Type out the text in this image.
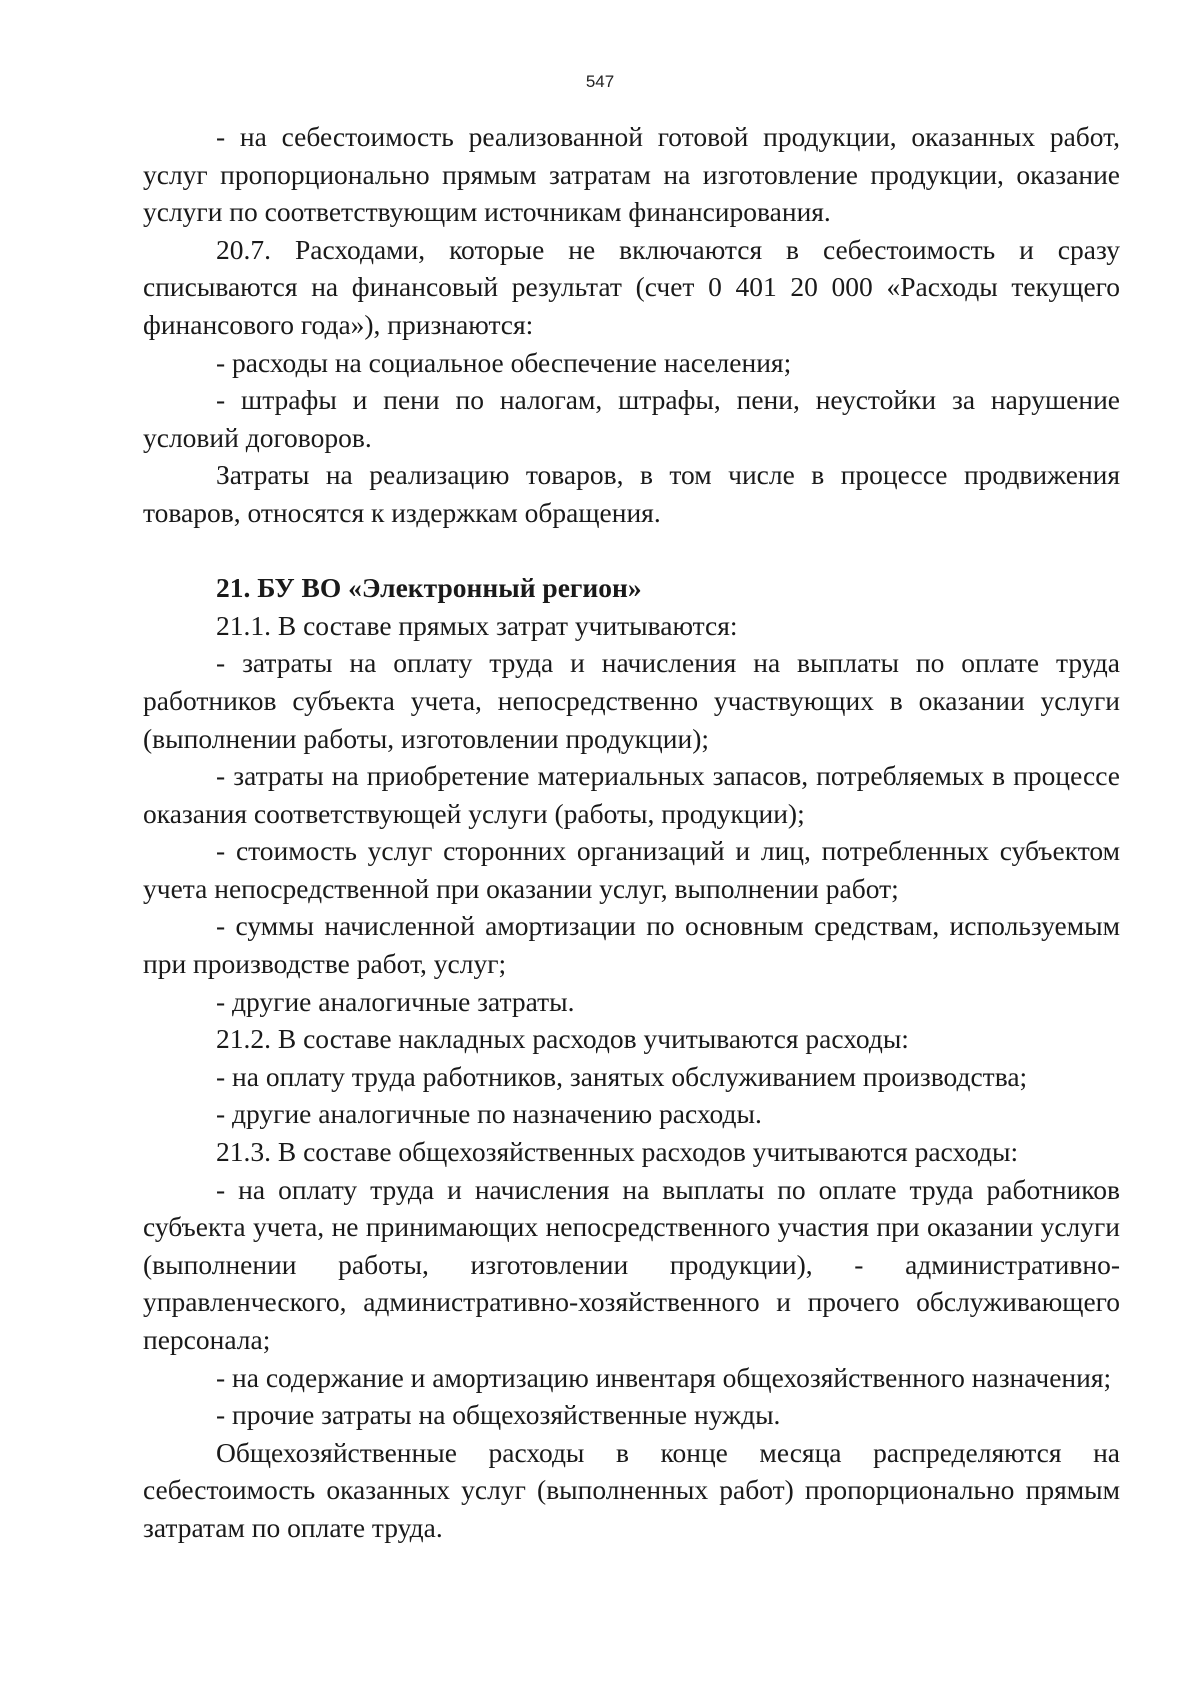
547

- на себестоимость реализованной готовой продукции, оказанных работ, услуг пропорционально прямым затратам на изготовление продукции, оказание услуги по соответствующим источникам финансирования.

20.7. Расходами, которые не включаются в себестоимость и сразу списываются на финансовый результат (счет 0 401 20 000 «Расходы текущего финансового года»), признаются:

- расходы на социальное обеспечение населения;

- штрафы и пени по налогам, штрафы, пени, неустойки за нарушение условий договоров.

Затраты на реализацию товаров, в том числе в процессе продвижения товаров, относятся к издержкам обращения.

21. БУ ВО «Электронный регион»

21.1. В составе прямых затрат учитываются:

- затраты на оплату труда и начисления на выплаты по оплате труда работников субъекта учета, непосредственно участвующих в оказании услуги (выполнении работы, изготовлении продукции);

- затраты на приобретение материальных запасов, потребляемых в процессе оказания соответствующей услуги (работы, продукции);

- стоимость услуг сторонних организаций и лиц, потребленных субъектом учета непосредственной при оказании услуг, выполнении работ;

- суммы начисленной амортизации по основным средствам, используемым при производстве работ, услуг;

- другие аналогичные затраты.

21.2. В составе накладных расходов учитываются расходы:

- на оплату труда работников, занятых обслуживанием производства;

- другие аналогичные по назначению расходы.

21.3. В составе общехозяйственных расходов учитываются расходы:

- на оплату труда и начисления на выплаты по оплате труда работников субъекта учета, не принимающих непосредственного участия при оказании услуги (выполнении работы, изготовлении продукции), - административно-управленческого, административно-хозяйственного и прочего обслуживающего персонала;

- на содержание и амортизацию инвентаря общехозяйственного назначения;

- прочие затраты на общехозяйственные нужды.

Общехозяйственные расходы в конце месяца распределяются на себестоимость оказанных услуг (выполненных работ) пропорционально прямым затратам по оплате труда.
